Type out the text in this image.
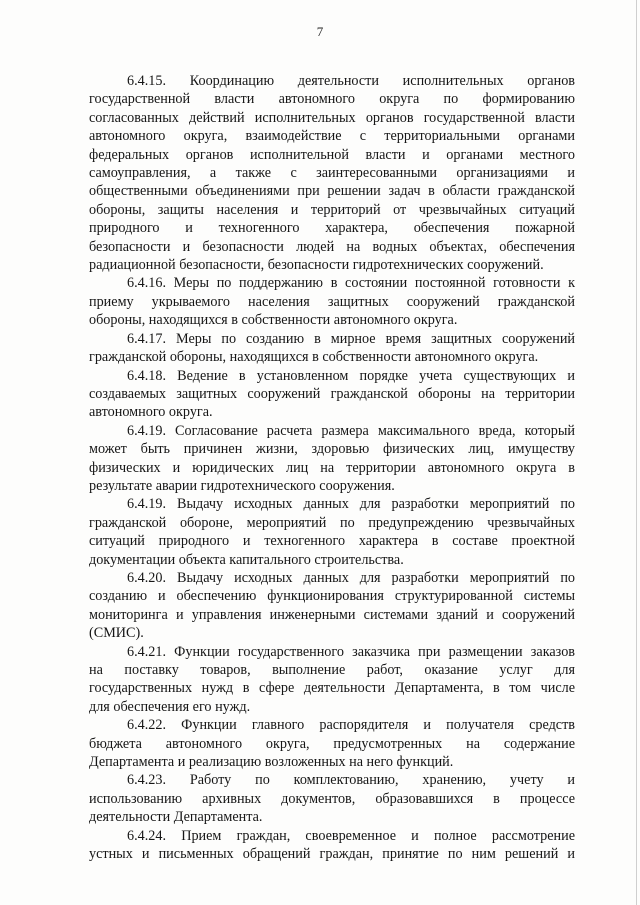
7
6.4.15. Координацию деятельности исполнительных органов
государственной власти автономного округа по формированию
согласованных действий исполнительных органов государственной власти
автономного округа, взаимодействие с территориальными органами
федеральных органов исполнительной власти и органами местного
самоуправления, а также с заинтересованными организациями и
общественными объединениями при решении задач в области гражданской
обороны, защиты населения и территорий от чрезвычайных ситуаций
природного и техногенного характера, обеспечения пожарной
безопасности и безопасности людей на водных объектах, обеспечения
радиационной безопасности, безопасности гидротехнических сооружений.
6.4.16. Меры по поддержанию в состоянии постоянной готовности к
приему укрываемого населения защитных сооружений гражданской
обороны, находящихся в собственности автономного округа.
6.4.17. Меры по созданию в мирное время защитных сооружений
гражданской обороны, находящихся в собственности автономного округа.
6.4.18. Ведение в установленном порядке учета существующих и
создаваемых защитных сооружений гражданской обороны на территории
автономного округа.
6.4.19. Согласование расчета размера максимального вреда, который
может быть причинен жизни, здоровью физических лиц, имуществу
физических и юридических лиц на территории автономного округа в
результате аварии гидротехнического сооружения.
6.4.19. Выдачу исходных данных для разработки мероприятий по
гражданской обороне, мероприятий по предупреждению чрезвычайных
ситуаций природного и техногенного характера в составе проектной
документации объекта капитального строительства.
6.4.20. Выдачу исходных данных для разработки мероприятий по
созданию и обеспечению функционирования структурированной системы
мониторинга и управления инженерными системами зданий и сооружений
(СМИС).
6.4.21. Функции государственного заказчика при размещении заказов
на поставку товаров, выполнение работ, оказание услуг для
государственных нужд в сфере деятельности Департамента, в том числе
для обеспечения его нужд.
6.4.22. Функции главного распорядителя и получателя средств
бюджета автономного округа, предусмотренных на содержание
Департамента и реализацию возложенных на него функций.
6.4.23. Работу по комплектованию, хранению, учету и
использованию архивных документов, образовавшихся в процессе
деятельности Департамента.
6.4.24. Прием граждан, своевременное и полное рассмотрение
устных и письменных обращений граждан, принятие по ним решений и
